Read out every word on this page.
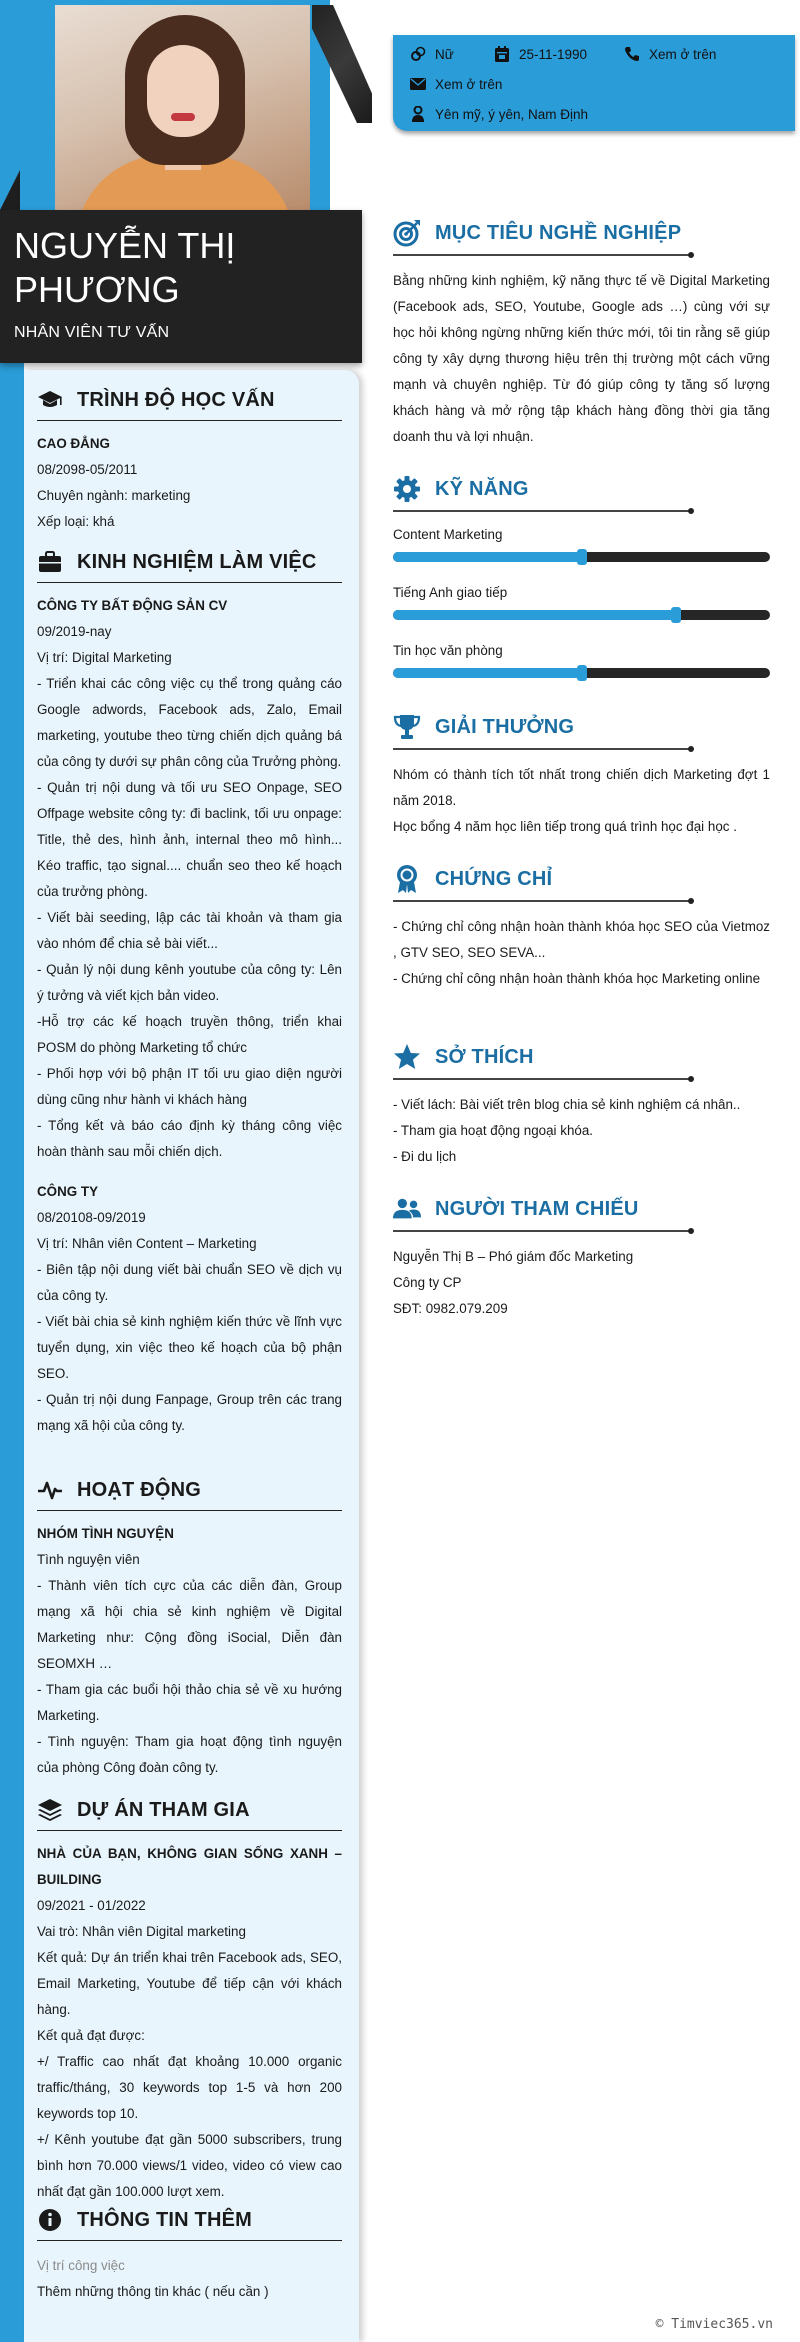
NGUYỄN THỊ PHƯƠNG

NHÂN VIÊN TƯ VẤN

TRÌNH ĐỘ HỌC VẤN

CAO ĐẲNG

08/2098-05/2011

Chuyên ngành: marketing

Xếp loại: khá

KINH NGHIỆM LÀM VIỆC

CÔNG TY BẤT ĐỘNG SẢN CV

09/2019-nay

Vị trí: Digital Marketing

- Triển khai các công việc cụ thể trong quảng cáo Google adwords, Facebook ads, Zalo, Email marketing, youtube theo từng chiến dịch quảng bá của công ty dưới sự phân công của Trưởng phòng.

- Quản trị nội dung và tối ưu SEO Onpage, SEO Offpage website công ty: đi baclink, tối ưu onpage: Title, thẻ des, hình ảnh, internal theo mô hình... Kéo traffic, tạo signal.... chuẩn seo theo kế hoạch của trưởng phòng.

- Viết bài seeding, lập các tài khoản và tham gia vào nhóm để chia sẻ bài viết...

- Quản lý nội dung kênh youtube của công ty: Lên ý tưởng và viết kịch bản video.

-Hỗ trợ các kế hoạch truyền thông, triển khai POSM do phòng Marketing tổ chức

- Phối hợp với bộ phận IT tối ưu giao diện người dùng cũng như hành vi khách hàng

- Tổng kết và báo cáo định kỳ tháng công việc hoàn thành sau mỗi chiến dịch.

CÔNG TY

08/20108-09/2019

Vị trí: Nhân viên Content – Marketing

- Biên tập nội dung viết bài chuẩn SEO về dịch vụ của công ty.

- Viết bài chia sẻ kinh nghiệm kiến thức về lĩnh vực tuyển dụng, xin việc theo kế hoạch của bộ phận SEO.

- Quản trị nội dung Fanpage, Group trên các trang mạng xã hội của công ty.

HOẠT ĐỘNG

NHÓM TÌNH NGUYỆN

Tình nguyện viên

- Thành viên tích cực của các diễn đàn, Group mạng xã hội chia sẻ kinh nghiệm về Digital Marketing như: Cộng đồng iSocial, Diễn đàn SEOMXH …

- Tham gia các buổi hội thảo chia sẻ về xu hướng Marketing.

- Tình nguyện: Tham gia hoạt động tình nguyện của phòng Công đoàn công ty.

DỰ ÁN THAM GIA

NHÀ CỦA BẠN, KHÔNG GIAN SỐNG XANH – BUILDING

09/2021 - 01/2022

Vai trò: Nhân viên Digital marketing

Kết quả: Dự án triển khai trên Facebook ads, SEO, Email Marketing, Youtube để tiếp cận với khách hàng.

Kết quả đạt được:

+/ Traffic cao nhất đạt khoảng 10.000 organic traffic/tháng, 30 keywords top 1-5 và hơn 200 keywords top 10.

+/ Kênh youtube đạt gần 5000 subscribers, trung bình hơn 70.000 views/1 video, video có view cao nhất đạt gần 100.000 lượt xem.

THÔNG TIN THÊM

Vị trí công việc

Thêm những thông tin khác ( nếu cần )

Nữ	25-11-1990	Xem ở trên
Xem ở trên
Yên mỹ, ý yên, Nam Định
MỤC TIÊU NGHỀ NGHIỆP

Bằng những kinh nghiệm, kỹ năng thực tế về Digital Marketing (Facebook ads, SEO, Youtube, Google ads …) cùng với sự học hỏi không ngừng những kiến thức mới, tôi tin rằng sẽ giúp công ty xây dựng thương hiệu trên thị trường một cách vững mạnh và chuyên nghiệp. Từ đó giúp công ty tăng số lượng khách hàng và mở rộng tập khách hàng đồng thời gia tăng doanh thu và lợi nhuận.

KỸ NĂNG
Content Marketing
Tiếng Anh giao tiếp
Tin học văn phòng
GIẢI THƯỞNG

Nhóm có thành tích tốt nhất trong chiến dịch Marketing đợt 1 năm 2018.

Học bổng 4 năm học liên tiếp trong quá trình học đại học .

CHỨNG CHỈ

- Chứng chỉ công nhận hoàn thành khóa học SEO của Vietmoz , GTV SEO, SEO SEVA...

- Chứng chỉ công nhận hoàn thành khóa học Marketing online

SỞ THÍCH

- Viết lách: Bài viết trên blog chia sẻ kinh nghiệm cá nhân..

- Tham gia hoạt động ngoại khóa.

- Đi du lịch

NGƯỜI THAM CHIẾU

Nguyễn Thị B – Phó giám đốc Marketing

Công ty CP

SĐT: 0982.079.209

© Timviec365.vn
